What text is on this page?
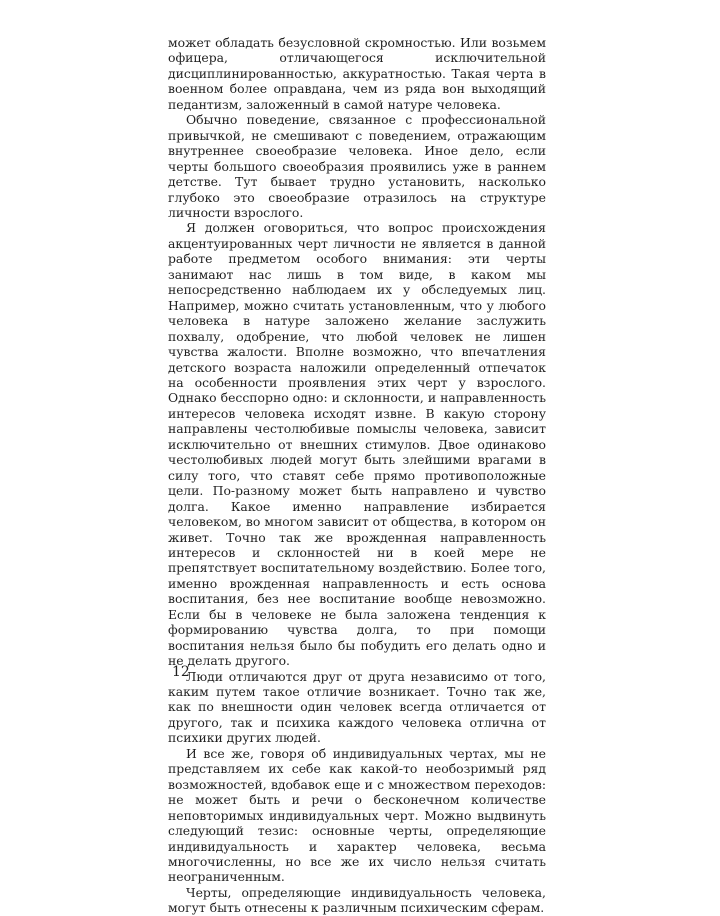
может обладать безусловной скромностью. Или возьмем офицера, отличающегося исключительной дисциплинированностью, аккуратностью. Такая черта в военном более оправдана, чем из ряда вон выходящий педантизм, заложенный в самой натуре человека.

Обычно поведение, связанное с профессиональной привычкой, не смешивают с поведением, отражающим внутреннее своеобразие человека. Иное дело, если черты большого своеобразия проявились уже в раннем детстве. Тут бывает трудно установить, насколько глубоко это своеобразие отразилось на структуре личности взрослого.

Я должен оговориться, что вопрос происхождения акцентуированных черт личности не является в данной работе предметом особого внимания: эти черты занимают нас лишь в том виде, в каком мы непосредственно наблюдаем их у обследуемых лиц. Например, можно считать установленным, что у любого человека в натуре заложено желание заслужить похвалу, одобрение, что любой человек не лишен чувства жалости. Вполне возможно, что впечатления детского возраста наложили определенный отпечаток на особенности проявления этих черт у взрослого. Однако бесспорно одно: и склонности, и направленность интересов человека исходят извне. В какую сторону направлены честолюбивые помыслы человека, зависит исключительно от внешних стимулов. Двое одинаково честолюбивых людей могут быть злейшими врагами в силу того, что ставят себе прямо противоположные цели. По-разному может быть направлено и чувство долга. Какое именно направление избирается человеком, во многом зависит от общества, в котором он живет. Точно так же врожденная направленность интересов и склонностей ни в коей мере не препятствует воспитательному воздействию. Более того, именно врожденная направленность и есть основа воспитания, без нее воспитание вообще невозможно. Если бы в человеке не была заложена тенденция к формированию чувства долга, то при помощи воспитания нельзя было бы побудить его делать одно и не делать другого.

Люди отличаются друг от друга независимо от того, каким путем такое отличие возникает. Точно так же, как по внешности один человек всегда отличается от другого, так и психика каждого человека отлична от психики других людей.

И все же, говоря об индивидуальных чертах, мы не представляем их себе как какой-то необозримый ряд возможностей, вдобавок еще и с множеством переходов: не может быть и речи о бесконечном количестве неповторимых индивидуальных черт. Можно выдвинуть следующий тезис: основные черты, определяющие индивидуальность и характер человека, весьма многочисленны, но все же их число нельзя считать неограниченным.

Черты, определяющие индивидуальность человека, могут быть отнесены к различным психическим сферам.

12
